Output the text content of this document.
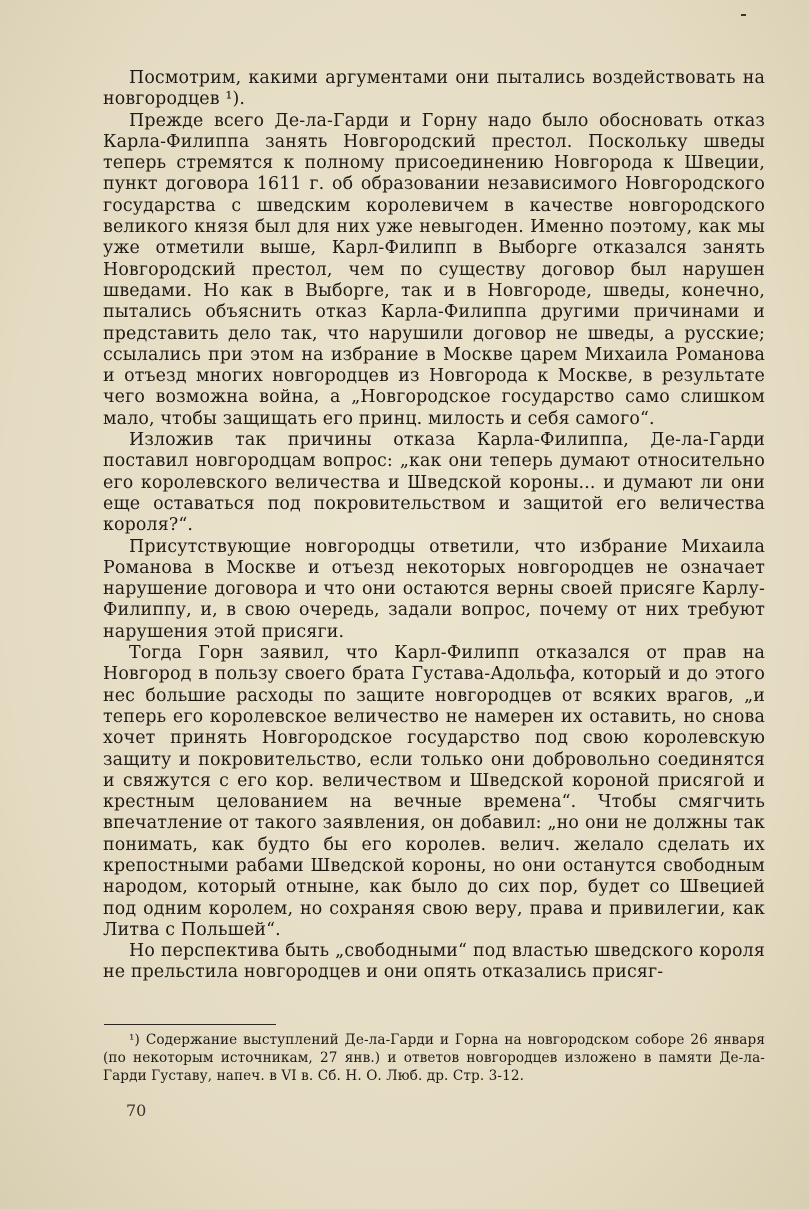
Посмотрим, какими аргументами они пытались воздействовать на новгородцев ¹).

Прежде всего Де-ла-Гарди и Горну надо было обосновать отказ Карла-Филиппа занять Новгородский престол. Поскольку шведы теперь стремятся к полному присоединению Новгорода к Швеции, пункт договора 1611 г. об образовании независимого Новгородского государства с шведским королевичем в качестве новгородского великого князя был для них уже невыгоден. Именно поэтому, как мы уже отметили выше, Карл-Филипп в Выборге отказался занять Новгородский престол, чем по существу договор был нарушен шведами. Но как в Выборге, так и в Новгороде, шведы, конечно, пытались объяснить отказ Карла-Филиппа другими причинами и представить дело так, что нарушили договор не шведы, а русские; ссылались при этом на избрание в Москве царем Михаила Романова и отъезд многих новгородцев из Новгорода к Москве, в результате чего возможна война, а „Новгородское государство само слишком мало, чтобы защищать его принц. милость и себя самого“.

Изложив так причины отказа Карла-Филиппа, Де-ла-Гарди поставил новгородцам вопрос: „как они теперь думают относительно его королевского величества и Шведской короны... и думают ли они еще оставаться под покровительством и защитой его величества короля?“.

Присутствующие новгородцы ответили, что избрание Михаила Романова в Москве и отъезд некоторых новгородцев не означает нарушение договора и что они остаются верны своей присяге Карлу-Филиппу, и, в свою очередь, задали вопрос, почему от них требуют нарушения этой присяги.

Тогда Горн заявил, что Карл-Филипп отказался от прав на Новгород в пользу своего брата Густава-Адольфа, который и до этого нес большие расходы по защите новгородцев от всяких врагов, „и теперь его королевское величество не намерен их оставить, но снова хочет принять Новгородское государство под свою королевскую защиту и покровительство, если только они добровольно соединятся и свяжутся с его кор. величеством и Шведской короной присягой и крестным целованием на вечные времена“. Чтобы смягчить впечатление от такого заявления, он добавил: „но они не должны так понимать, как будто бы его королев. велич. желало сделать их крепостными рабами Шведской короны, но они останутся свободным народом, который отныне, как было до сих пор, будет со Швецией под одним королем, но сохраняя свою веру, права и привилегии, как Литва с Польшей“.

Но перспектива быть „свободными“ под властью шведского короля не прельстила новгородцев и они опять отказались присяг-

¹) Содержание выступлений Де-ла-Гарди и Горна на новгородском соборе 26 января (по некоторым источникам, 27 янв.) и ответов новгородцев изложено в памяти Де-ла-Гарди Густаву, напеч. в VI в. Сб. Н. О. Люб. др. Стр. 3-12.

70
